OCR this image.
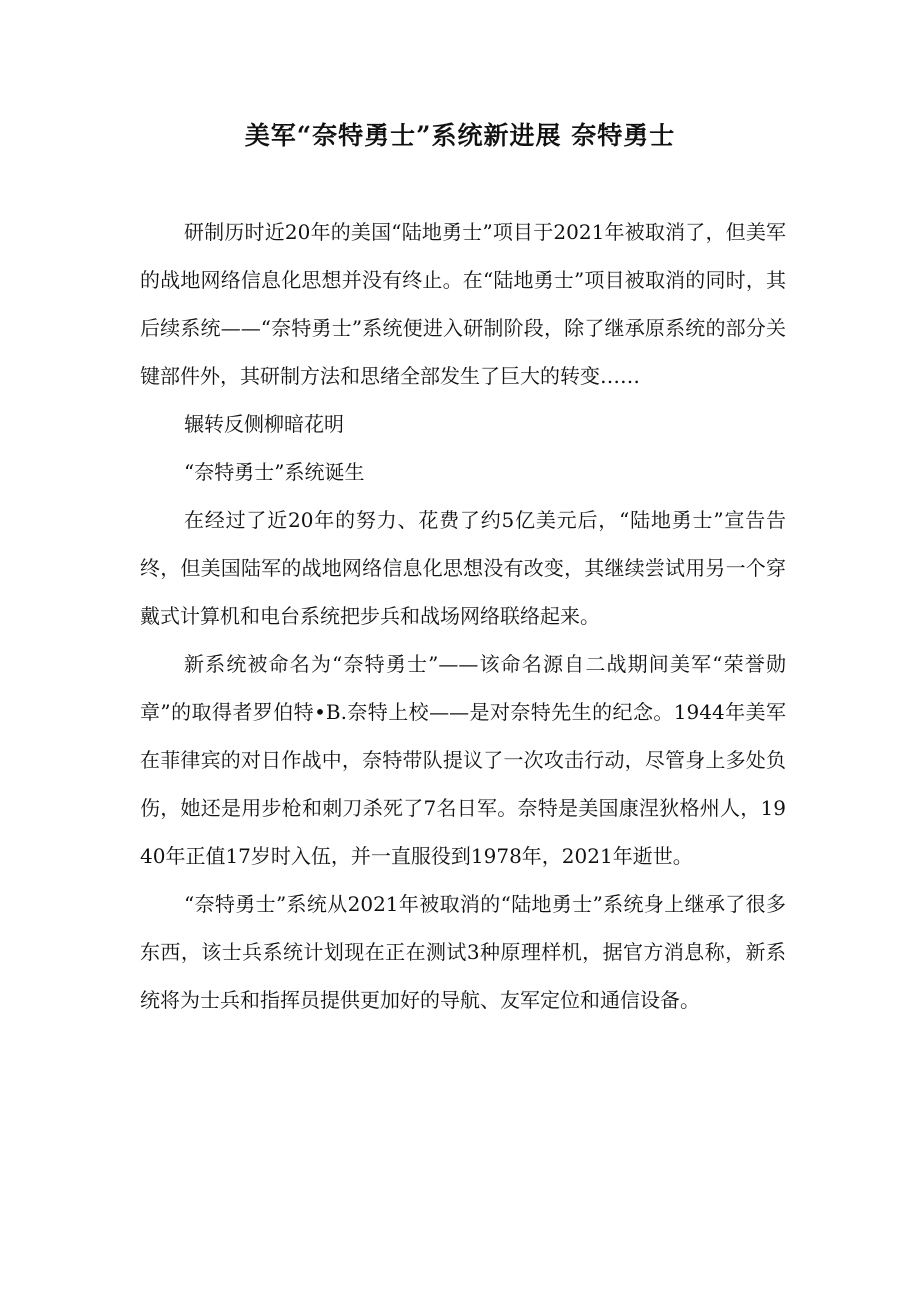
美军“奈特勇士”系统新进展 奈特勇士

研制历时近20年的美国“陆地勇士”项目于2021年被取消了，但美军的战地网络信息化思想并没有终止。在“陆地勇士”项目被取消的同时，其后续系统——“奈特勇士”系统便进入研制阶段，除了继承原系统的部分关键部件外，其研制方法和思绪全部发生了巨大的转变……

辗转反侧柳暗花明

“奈特勇士”系统诞生

在经过了近20年的努力、花费了约5亿美元后，“陆地勇士”宣告告终，但美国陆军的战地网络信息化思想没有改变，其继续尝试用另一个穿戴式计算机和电台系统把步兵和战场网络联络起来。

新系统被命名为“奈特勇士”——该命名源自二战期间美军“荣誉勋章”的取得者罗伯特•B.奈特上校——是对奈特先生的纪念。1944年美军在菲律宾的对日作战中，奈特带队提议了一次攻击行动，尽管身上多处负伤，她还是用步枪和刺刀杀死了7名日军。奈特是美国康涅狄格州人，1940年正值17岁时入伍，并一直服役到1978年，2021年逝世。

“奈特勇士”系统从2021年被取消的“陆地勇士”系统身上继承了很多东西，该士兵系统计划现在正在测试3种原理样机，据官方消息称，新系统将为士兵和指挥员提供更加好的导航、友军定位和通信设备。
